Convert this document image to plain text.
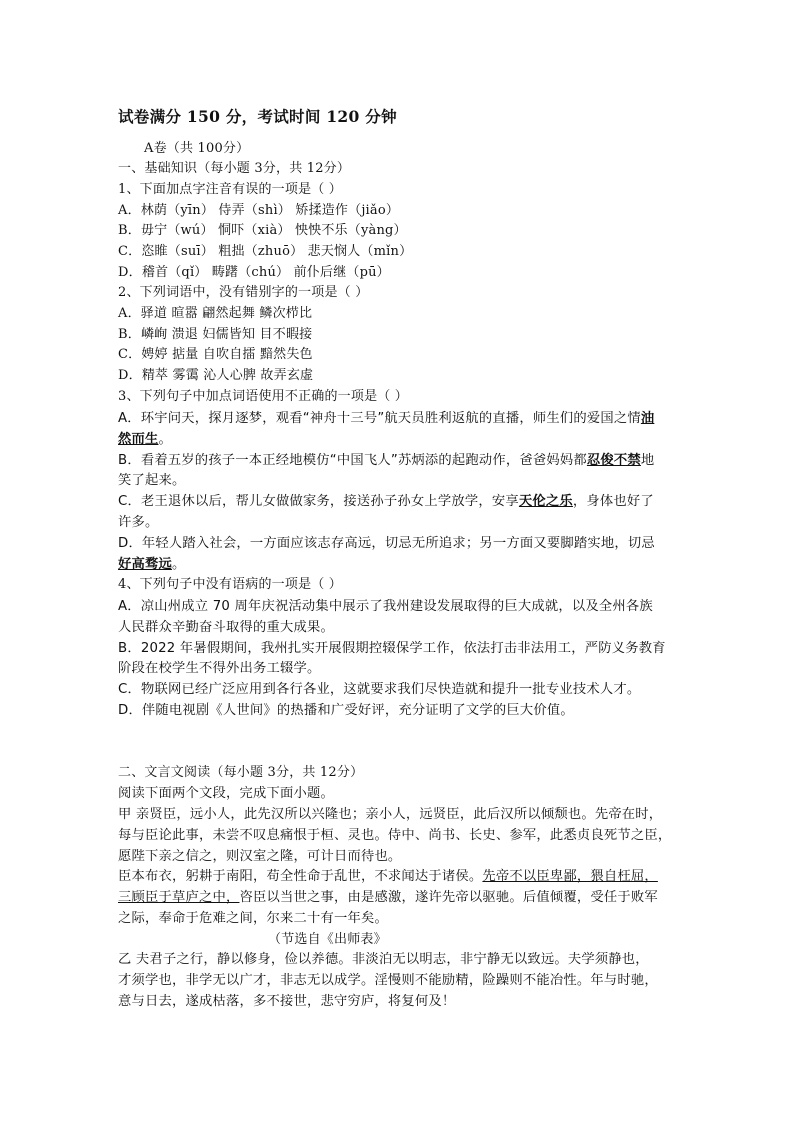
试卷满分 150 分，考试时间 120 分钟
A卷（共 100分）
一、基础知识（每小题 3分，共 12分）
1、下面加点字注音有误的一项是（ ）
A．林荫（yīn） 侍弄（shì） 矫揉造作（jiǎo）
B．毋宁（wú） 恫吓（xià） 怏怏不乐（yàng）
C．恣睢（suī） 粗拙（zhuō） 悲天悯人（mǐn）
D．稽首（qǐ） 畴躇（chú） 前仆后继（pū）
2、下列词语中，没有错别字的一项是（ ）
A．驿道 暄嚣 翩然起舞 鳞次栉比
B．嶙峋 溃退 妇儒皆知 目不暇接
C．娉婷 掂量 自吹自擂 黯然失色
D．精萃 雾霭 沁人心脾 故弄玄虚
3、下列句子中加点词语使用不正确的一项是（ ）
A．环宇问天，探月逐梦，观看“神舟十三号”航天员胜利返航的直播，师生们的爱国之情油
然而生。
B．看着五岁的孩子一本正经地模仿“中国飞人”苏炳添的起跑动作，爸爸妈妈都忍俊不禁地
笑了起来。
C．老王退休以后，帮儿女做做家务，接送孙子孙女上学放学，安享天伦之乐，身体也好了
许多。
D．年轻人踏入社会，一方面应该志存高远，切忌无所追求；另一方面又要脚踏实地，切忌
好高骛远。
4、下列句子中没有语病的一项是（ ）
A．凉山州成立 70 周年庆祝活动集中展示了我州建设发展取得的巨大成就，以及全州各族
人民群众辛勤奋斗取得的重大成果。
B．2022 年暑假期间，我州扎实开展假期控辍保学工作，依法打击非法用工，严防义务教育
阶段在校学生不得外出务工辍学。
C．物联网已经广泛应用到各行各业，这就要求我们尽快造就和提升一批专业技术人才。
D．伴随电视剧《人世间》的热播和广受好评，充分证明了文学的巨大价值。
二、文言文阅读（每小题 3分，共 12分）
阅读下面两个文段，完成下面小题。
甲 亲贤臣，远小人，此先汉所以兴隆也；亲小人，远贤臣，此后汉所以倾颓也。先帝在时，
每与臣论此事，未尝不叹息痛恨于桓、灵也。侍中、尚书、长史、参军，此悉贞良死节之臣，
愿陛下亲之信之，则汉室之隆，可计日而待也。
臣本布衣，躬耕于南阳，苟全性命于乱世，不求闻达于诸侯。先帝不以臣卑鄙，猥自枉屈，
三顾臣于草庐之中，咨臣以当世之事，由是感激，遂许先帝以驱驰。后值倾覆，受任于败军
之际，奉命于危难之间，尔来二十有一年矣。
（节选自《出师表》
乙 夫君子之行，静以修身，俭以养德。非淡泊无以明志，非宁静无以致远。夫学须静也，
才须学也，非学无以广才，非志无以成学。淫慢则不能励精，险躁则不能冶性。年与时驰，
意与日去，遂成枯落，多不接世，悲守穷庐，将复何及！
